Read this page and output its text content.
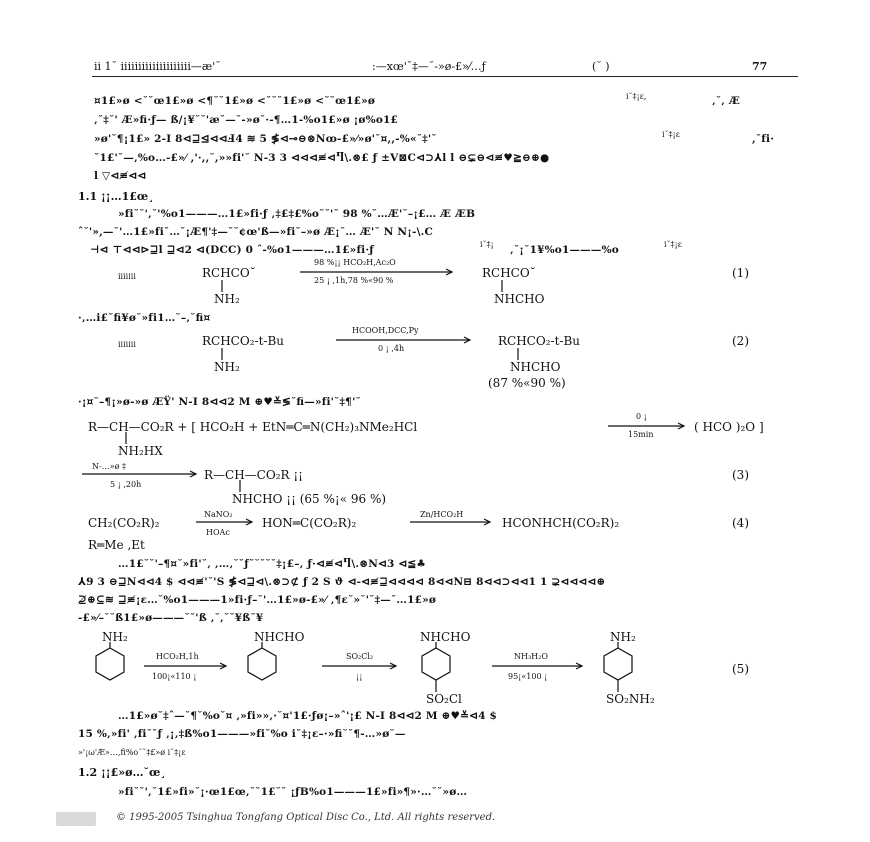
ii 1˘ iiiiiiiiiiiiiiiiiiii—æ'˘	:—xœ'˘‡—˘-»ø-£»⁄…ƒ	(˘ )	77
¤1£»ø <˘˘œ1£»ø <¶˘˘1£»ø <˘˘˘1£»ø <˘˘œ1£»ø
‚˘‡˘' Æ»ﬁ·ƒ— ß/¡¥˘˘'æ˘—˘-»ø˘·-¶…1-%o1£»ø ¡ø%o1£
»ø'˘¶¡1£» 2-I 8⊲⊒⊴⊲⊲Ⅎ4 ≋ 5 ≸⊲⊸⊖⊗Nꝏ-£»⁄»ø'˘¤,,-%«˘‡'˘
˘1£'˘—‚%o…-£»⁄ ,'·,,˘,»»fi'˘ N-3 3 ⊲⊲⊲≢⊲Ⴄ\.⊗£ ƒ ±V⊠C⊲⊃⅄l l ⊖⊊⊖⊲≢♥≧⊖⊕●
l ▽⊲≢⊲⊲
i˘‡¡ε,	‚˘‚ Æ
i˘‡¡ε	,˘fi·
1.1 ¡¡…1£œ¸
»fi˘˘'‚˘'%o1———…1£»fi·ƒ ‚‡£‡£%o˘˘'˘ 98 %˘…Æ'˘–¡£… Æ ÆB
ˆ˘'»,—˘'…1£»fi˘…˘¡Æ¶'‡—˘˘¢œ'ß—»fi˘–»ø Æ¡˘… Æ'˘ N N¡-\.C
⊣⊲ ⊤⊲⊲⊳⊒l ⊒⊲2 ⊲(DCC) 0 ˆ-%o1———…1£»fi·ƒ	i˘‡¡ ‚˘¡˘1¥%o1———%o	i˘‡¡ε
iiiiiii	RCHCO˘
NH₂
98 %¡¡ HCO₂H,Ac₂O
25 ¡ ,1h,78 %«90 %
RCHCO˘
NHCHO
(1)
·‚…i£˘ﬁ¥ø˘»fi1…˘–‚˘ﬁ¤
iiiiiii	RCHCO₂-t-Bu
NH₂
HCOOH,DCC,Py
0 ¡ ,4h
RCHCO₂-t-Bu
NHCHO
(87 %«90 %)
(2)
·¡¤˘–¶¡»ø-»ø ÆŸ' N-I 8⊲⊲2 M ⊕♥≚≶˘ﬁ—»fi'˘‡¶'˘
R—CH—CO₂R + [ HCO₂H + EtN═C═N(CH₂)₃NMe₂HCl
0 ¡
15min
( HCO )₂O ]
NH₂HX
N-…»ø ‡
5 ¡ ,20h
R—CH—CO₂R ¡¡
NHCHO ¡¡ (65 %¡« 96 %)
(3)
CH₂(CO₂R)₂
NaNO₂
HOAc
HON═C(CO₂R)₂
Zn/HCO₂H
HCONHCH(CO₂R)₂	(4)
R═Me ,Et
…1£˘˘'–¶¤˘»fi'˘‚ ‚…‚˘˘ƒ˘˘˘˘˘‡¡£–‚ ƒ·⊲≢⊲Ⴄ\.⊗N⊲3 ⊲≦♣
⅄9 3 ⊖⊒N⊲⊲4 $ ⊲⊲≢'˘'S ≸⊲⊒⊲\.⊗⊃⊄ ƒ 2 S ϑ ⊲-⊲≢⊒⊲⊲⊲⊲ 8⊲⊲N⊟ 8⊲⊲⊃⊲⊲1 1 ⊋⊲⊲⊲⊲⊕
⊉⊕⊆≋ ⊒≢¡ε…˘%o1———1»fi·ƒ–˘'…1£»ø-£»⁄ ‚¶ε˘»˘'˘‡—˘…1£»ø
-£»⁄–˘˘ß1£»ø———˘˘'ß ‚˘‚˘˘¥ß˘¥
NH₂
HCO₂H,1h
100¡«110 ¡
NHCHO
SO₂Cl₂
¡¡
NHCHO
SO₂Cl
NH₃H₂O
95¡«100 ¡
NH₂
SO₂NH₂
(5)
…1£»ø˘‡ˆ—˘¶˘%o˘¤ ‚»fi»»‚·˘¤'1£·ƒø¡–»ˆ'¡£ N-I 8⊲⊲2 M ⊕♥≚⊲4 $
15 %‚»fi' ‚fi˘˘ƒ ‚¡‚‡ß%o1———»fi˘%o i˘‡¡ε–·»ﬁ˘˘¶-…»ø˘—
»'¡ω'Æ»…‚fi%o˘˘‡£»ø i˘‡¡ε
1.2 ¡¡£»ø…˘œ¸
»fi˘˘'‚˘1£»fi»˘¡·œ1£œ‚˘˘1£˘˘ ¡ƒB%o1———1£»fi»¶»·…˘˘»ø…
© 1995-2005 Tsinghua Tongfang Optical Disc Co., Ltd. All rights reserved.
